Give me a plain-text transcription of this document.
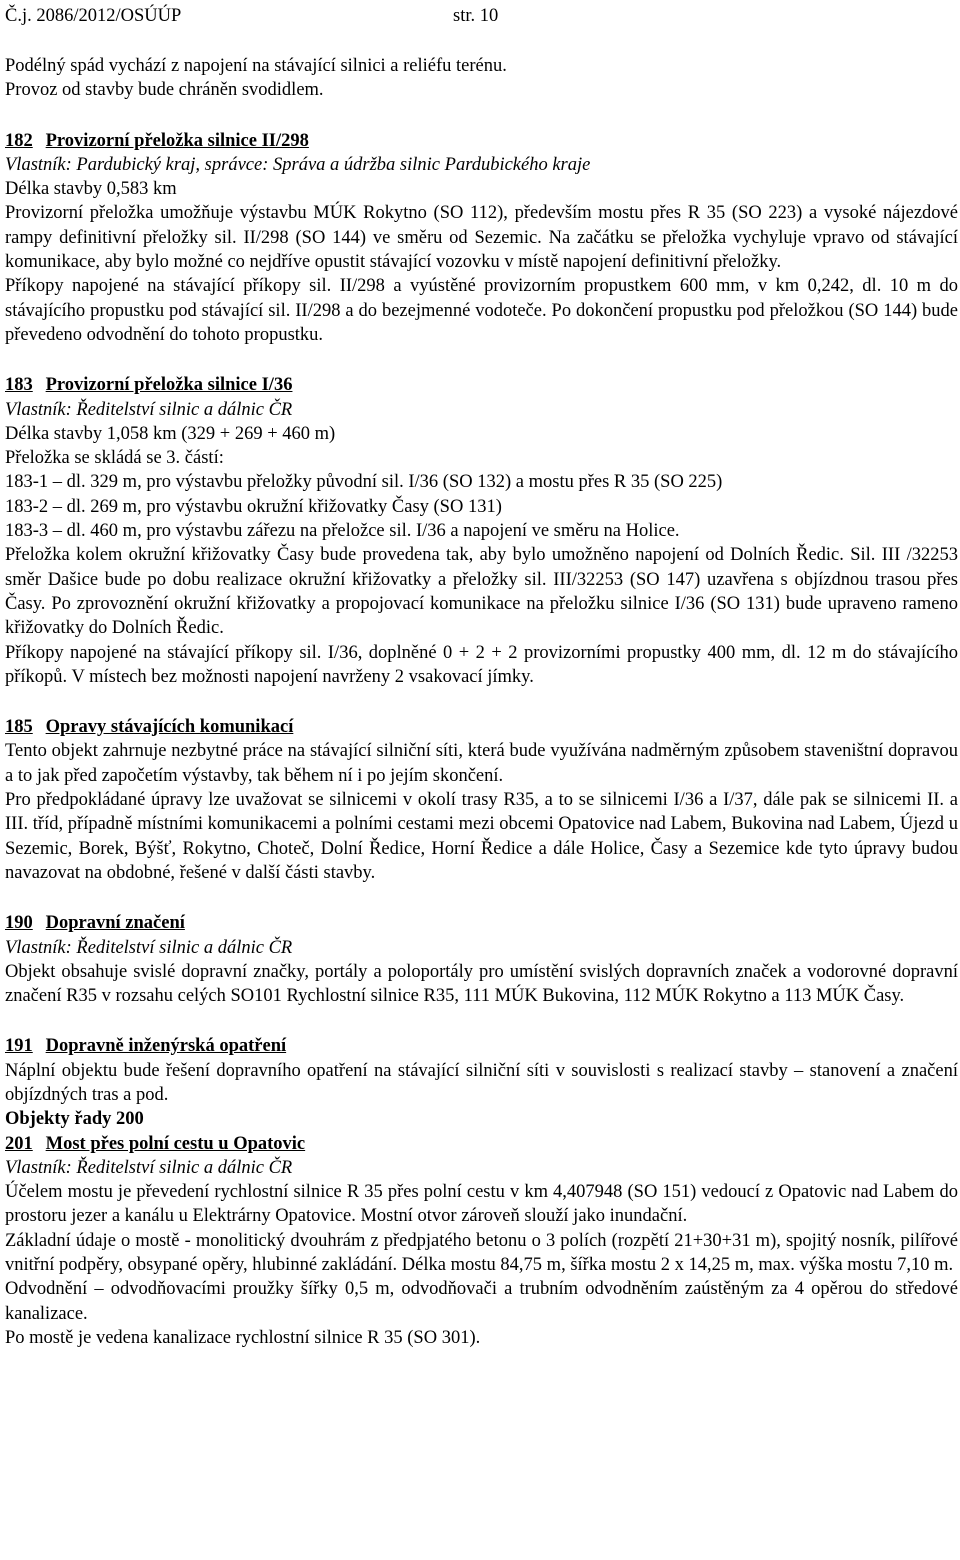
Č.j. 2086/2012/OSÚÚP	str. 10

Podélný spád vychází z napojení na stávající silnici a reliéfu terénu.

Provoz od stavby bude chráněn svodidlem.

182 Provizorní přeložka silnice II/298

Vlastník: Pardubický kraj, správce: Správa a údržba silnic Pardubického kraje

Délka stavby 0,583 km

Provizorní přeložka umožňuje výstavbu MÚK Rokytno (SO 112), především mostu přes R 35 (SO 223) a vysoké nájezdové rampy definitivní přeložky sil. II/298 (SO 144) ve směru od Sezemic. Na začátku se přeložka vychyluje vpravo od stávající komunikace, aby bylo možné co nejdříve opustit stávající vozovku v místě napojení definitivní přeložky.

Příkopy napojené na stávající příkopy sil. II/298 a vyústěné provizorním propustkem 600 mm, v km 0,242, dl. 10 m do stávajícího propustku pod stávající sil. II/298 a do bezejmenné vodoteče. Po dokončení propustku pod přeložkou (SO 144) bude převedeno odvodnění do tohoto propustku.

183 Provizorní přeložka silnice I/36

Vlastník: Ředitelství silnic a dálnic ČR

Délka stavby 1,058 km (329 + 269 + 460 m)

Přeložka se skládá se 3. částí:

183-1 – dl. 329 m, pro výstavbu přeložky původní sil. I/36 (SO 132) a mostu přes R 35 (SO 225)

183-2 – dl. 269 m, pro výstavbu okružní křižovatky Časy (SO 131)

183-3 – dl. 460 m, pro výstavbu zářezu na přeložce sil. I/36 a napojení ve směru na Holice.

Přeložka kolem okružní křižovatky Časy bude provedena tak, aby bylo umožněno napojení od Dolních Ředic. Sil. III /32253 směr Dašice bude po dobu realizace okružní křižovatky a přeložky sil. III/32253 (SO 147) uzavřena s objízdnou trasou přes Časy. Po zprovoznění okružní křižovatky a propojovací komunikace na přeložku silnice I/36 (SO 131) bude upraveno rameno křižovatky do Dolních Ředic.

Příkopy napojené na stávající příkopy sil. I/36, doplněné 0 + 2 + 2 provizorními propustky 400 mm, dl. 12 m do stávajícího příkopů. V místech bez možnosti napojení navrženy 2 vsakovací jímky.

185 Opravy stávajících komunikací

Tento objekt zahrnuje nezbytné práce na stávající silniční síti, která bude využívána nadměrným způsobem staveništní dopravou a to jak před započetím výstavby, tak během ní i po jejím skončení.

Pro předpokládané úpravy lze uvažovat se silnicemi v okolí trasy R35, a to se silnicemi I/36 a I/37, dále pak se silnicemi II. a III. tříd, případně místními komunikacemi a polními cestami mezi obcemi Opatovice nad Labem, Bukovina nad Labem, Újezd u Sezemic, Borek, Býšť, Rokytno, Choteč, Dolní Ředice, Horní Ředice a dále Holice, Časy a Sezemice kde tyto úpravy budou navazovat na obdobné, řešené v další části stavby.

190 Dopravní značení

Vlastník: Ředitelství silnic a dálnic ČR

Objekt obsahuje svislé dopravní značky, portály a poloportály pro umístění svislých dopravních značek a vodorovné dopravní značení R35 v rozsahu celých SO101 Rychlostní silnice R35, 111 MÚK Bukovina, 112 MÚK Rokytno a 113 MÚK Časy.

191 Dopravně inženýrská opatření

Náplní objektu bude řešení dopravního opatření na stávající silniční síti v souvislosti s realizací stavby – stanovení a značení objízdných tras a pod.

Objekty řady 200

201 Most přes polní cestu u Opatovic

Vlastník: Ředitelství silnic a dálnic ČR

Účelem mostu je převedení rychlostní silnice R 35 přes polní cestu v km 4,407948 (SO 151) vedoucí z Opatovic nad Labem do prostoru jezer a kanálu u Elektrárny Opatovice. Mostní otvor zároveň slouží jako inundační.

Základní údaje o mostě - monolitický dvouhrám z předpjatého betonu o 3 polích (rozpětí 21+30+31 m), spojitý nosník, pilířové vnitřní podpěry, obsypané opěry, hlubinné zakládání. Délka mostu 84,75 m, šířka mostu 2 x 14,25 m, max. výška mostu 7,10 m.

Odvodnění – odvodňovacími proužky šířky 0,5 m, odvodňovači a trubním odvodněním zaústěným za 4 opěrou do středové kanalizace.

Po mostě je vedena kanalizace rychlostní silnice R 35 (SO 301).
